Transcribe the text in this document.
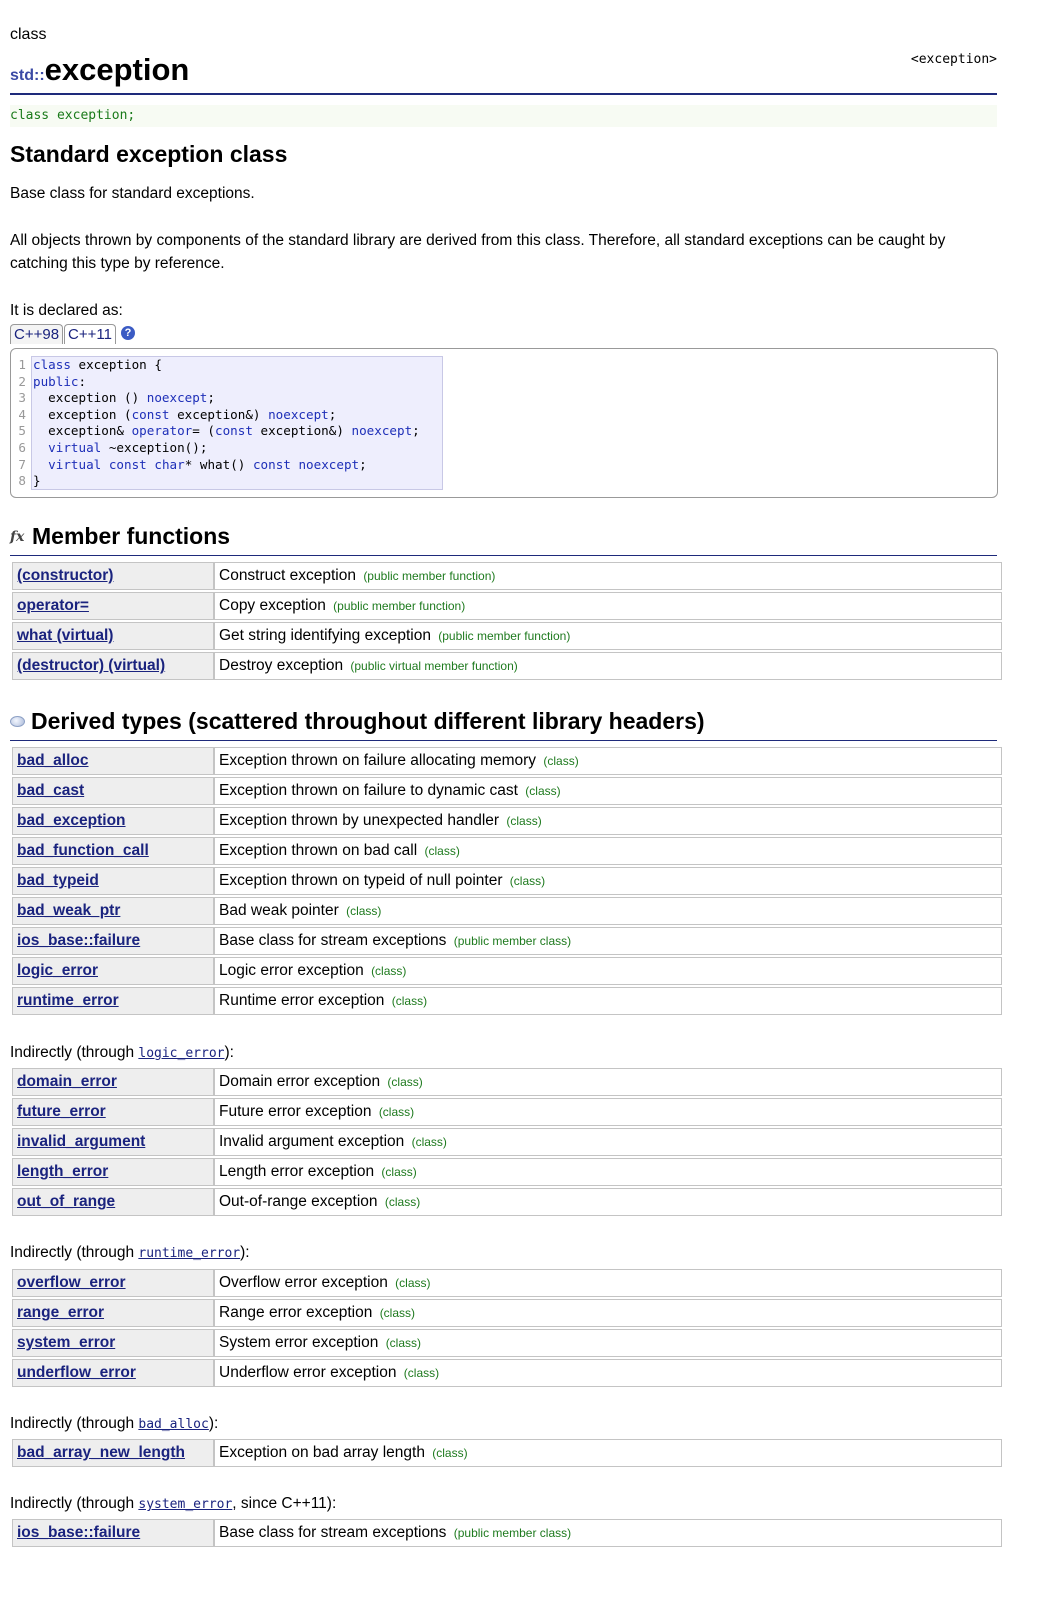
class
std::exception	<exception>
class exception;
Standard exception class
Base class for standard exceptions.
All objects thrown by components of the standard library are derived from this class. Therefore, all standard exceptions can be caught by catching this type by reference.
It is declared as:
C++98 C++11	?
1 class exception {
2 public:
3 exception () noexcept;
4 exception (const exception&) noexcept;
5 exception& operator= (const exception&) noexcept;
6 virtual ~exception();
7 virtual const char* what() const noexcept;
8 }
fx Member functions
(constructor)	Construct exception (public member function)
operator=	Copy exception (public member function)
what (virtual)	Get string identifying exception (public member function)
(destructor) (virtual)	Destroy exception (public virtual member function)
Derived types (scattered throughout different library headers)
bad_alloc	Exception thrown on failure allocating memory (class)
bad_cast	Exception thrown on failure to dynamic cast (class)
bad_exception	Exception thrown by unexpected handler (class)
bad_function_call	Exception thrown on bad call (class)
bad_typeid	Exception thrown on typeid of null pointer (class)
bad_weak_ptr	Bad weak pointer (class)
ios_base::failure	Base class for stream exceptions (public member class)
logic_error	Logic error exception (class)
runtime_error	Runtime error exception (class)
Indirectly (through logic_error):
domain_error	Domain error exception (class)
future_error	Future error exception (class)
invalid_argument	Invalid argument exception (class)
length_error	Length error exception (class)
out_of_range	Out-of-range exception (class)
Indirectly (through runtime_error):
overflow_error	Overflow error exception (class)
range_error	Range error exception (class)
system_error	System error exception (class)
underflow_error	Underflow error exception (class)
Indirectly (through bad_alloc):
bad_array_new_length	Exception on bad array length (class)
Indirectly (through system_error, since C++11):
ios_base::failure	Base class for stream exceptions (public member class)
